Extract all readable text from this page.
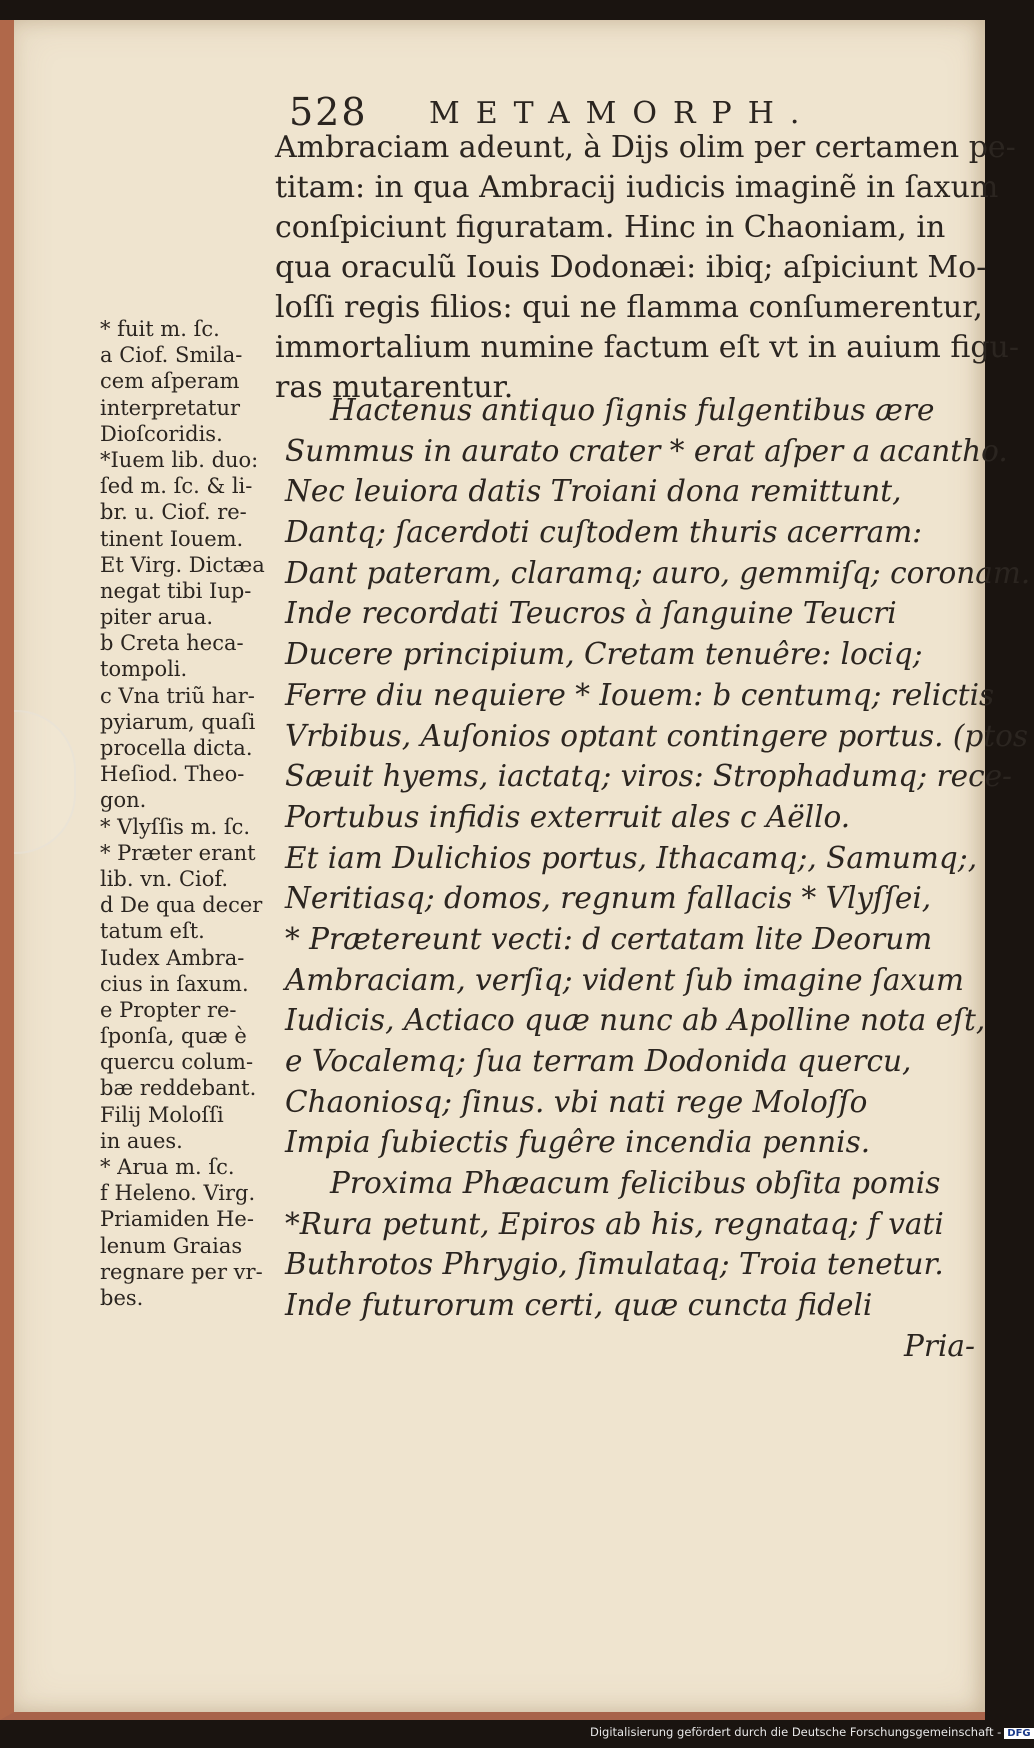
528 METAMORPH.
Ambraciam adeunt, à Dijs olim per certamen pe-
titam: in qua Ambracij iudicis imaginẽ in ſaxum
conſpiciunt figuratam. Hinc in Chaoniam, in
qua oraculũ Iouis Dodonæi: ibiq; aſpiciunt Mo-
loſſi regis filios: qui ne flamma conſumerentur,
immortalium numine factum eſt vt in auium figu-
ras mutarentur.
Hactenus antiquo ſignis fulgentibus ære
Summus in aurato crater * erat aſper a acantho.
Nec leuiora datis Troiani dona remittunt,
Dantq; ſacerdoti cuſtodem thuris acerram:
Dant pateram, claramq; auro, gemmiſq; coronam.
Inde recordati Teucros à ſanguine Teucri
Ducere principium, Cretam tenuêre: lociq;
Ferre diu nequiere * Iouem: b centumq; relictis
Vrbibus, Auſonios optant contingere portus. (ptos
Sæuit hyems, iactatq; viros: Strophadumq; rece-
Portubus infidis exterruit ales c Aëllo.
Et iam Dulichios portus, Ithacamq;, Samumq;,
Neritiasq; domos, regnum fallacis * Vlyſſei,
* Prætereunt vecti: d certatam lite Deorum
Ambraciam, verſiq; vident ſub imagine ſaxum
Iudicis, Actiaco quæ nunc ab Apolline nota eſt,
e Vocalemq; ſua terram Dodonida quercu,
Chaoniosq; ſinus. vbi nati rege Moloſſo
Impia ſubiectis fugêre incendia pennis.
Proxima Phæacum felicibus obſita pomis
*Rura petunt, Epiros ab his, regnataq; f vati
Buthrotos Phrygio, ſimulataq; Troia tenetur.
Inde futurorum certi, quæ cuncta fideli
Pria-
* fuit m. ſc.
a Ciof. Smila-
cem aſperam
interpretatur
Dioſcoridis.
*Iuem lib. duo:
ſed m. ſc. & li-
br. u. Ciof. re-
tinent Iouem.
Et Virg. Dictæa
negat tibi Iup-
piter arua.
b Creta heca-
tompoli.
c Vna triũ har-
pyiarum, quaſi
procella dicta.
Heſiod. Theo-
gon.
* Vlyſſis m. ſc.
* Præter erant
lib. vn. Ciof.
d De qua decer
tatum eſt.
Iudex Ambra-
cius in ſaxum.
e Propter re-
ſponſa, quæ è
quercu colum-
bæ reddebant.
Filij Moloſſi
in aues.
* Arua m. ſc.
f Heleno. Virg.
Priamiden He-
lenum Graias
regnare per vr-
bes.
Digitalisierung gefördert durch die Deutsche Forschungsgemeinschaft - DFG
